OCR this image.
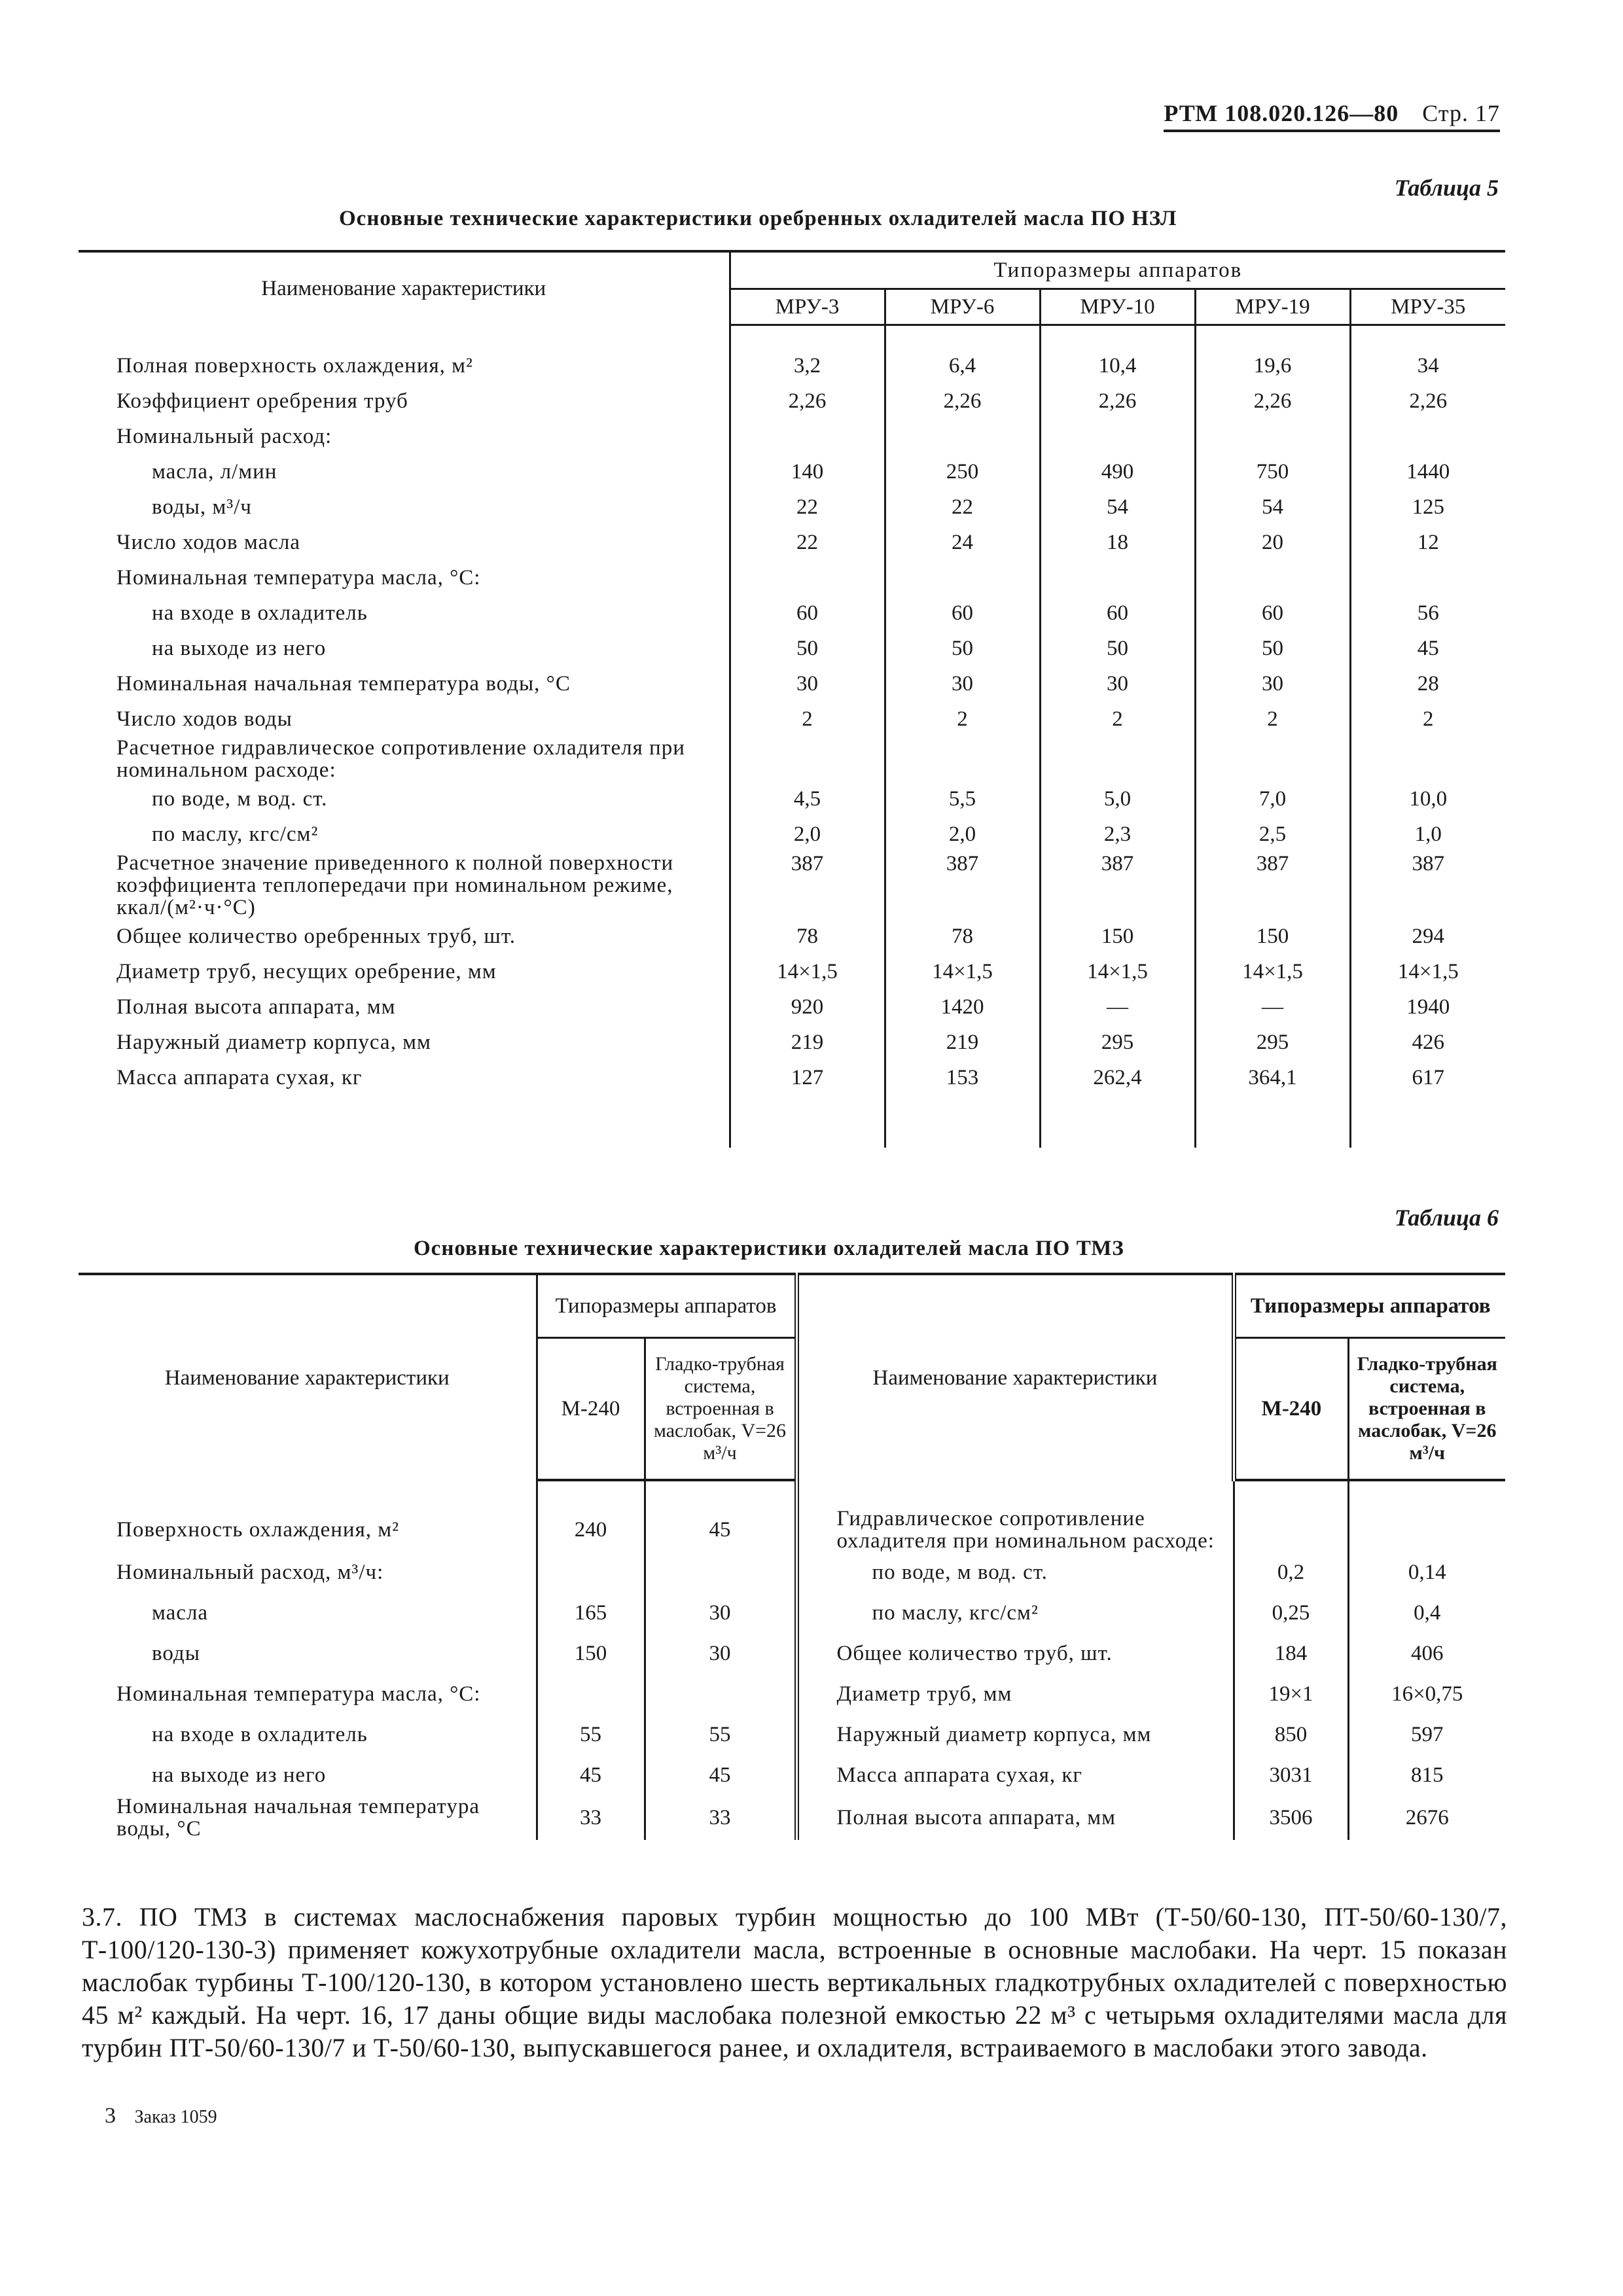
РТМ 108.020.126—80 Стр. 17
Таблица 5
Основные технические характеристики оребренных охладителей масла ПО НЗЛ
Наименование характеристики	Типоразмеры аппаратов				
	МРУ-3	МРУ-6	МРУ-10	МРУ-19	МРУ-35

Полная поверхность охлаждения, м²	3,2	6,4	10,4	19,6	34
Коэффициент оребрения труб	2,26	2,26	2,26	2,26	2,26
Номинальный расход:					
масла, л/мин	140	250	490	750	1440
воды, м³/ч	22	22	54	54	125
Число ходов масла	22	24	18	20	12
Номинальная температура масла, °С:					
на входе в охладитель	60	60	60	60	56
на выходе из него	50	50	50	50	45
Номинальная начальная температура воды, °С	30	30	30	30	28
Число ходов воды	2	2	2	2	2
Расчетное гидравлическое сопротивление охладителя при номинальном расходе:					
по воде, м вод. ст.	4,5	5,5	5,0	7,0	10,0
по маслу, кгс/см²	2,0	2,0	2,3	2,5	1,0
Расчетное значение приведенного к полной поверхности коэффициента теплопередачи при номинальном режиме, ккал/(м²·ч·°С)	387	387	387	387	387
Общее количество оребренных труб, шт.	78	78	150	150	294
Диаметр труб, несущих оребрение, мм	14×1,5	14×1,5	14×1,5	14×1,5	14×1,5
Полная высота аппарата, мм	920	1420	—	—	1940
Наружный диаметр корпуса, мм	219	219	295	295	426
Масса аппарата сухая, кг	127	153	262,4	364,1	617

Таблица 6
Основные технические характеристики охладителей масла ПО ТМЗ
Наименование характеристики	Типоразмеры аппаратов		Наименование характеристики	Типоразмеры аппаратов	
	М-240	Гладко-трубная система, встроенная в маслобак, V=26 м³/ч		М-240	Гладко-трубная система, встроенная в маслобак, V=26 м³/ч

Поверхность охлаждения, м²	240	45	Гидравлическое сопротивление охладителя при номинальном расходе:		
Номинальный расход, м³/ч:			по воде, м вод. ст.	0,2	0,14
масла	165	30	по маслу, кгс/см²	0,25	0,4
воды	150	30	Общее количество труб, шт.	184	406
Номинальная температура масла, °С:			Диаметр труб, мм	19×1	16×0,75
на входе в охладитель	55	55	Наружный диаметр корпуса, мм	850	597
на выходе из него	45	45	Масса аппарата сухая, кг	3031	815
Номинальная начальная температура воды, °С	33	33	Полная высота аппарата, мм	3506	2676
3.7. ПО ТМЗ в системах маслоснабжения паровых турбин мощностью до 100 МВт (Т-50/60-130, ПТ-50/60-130/7, Т-100/120-130-3) применяет кожухотрубные охладители масла, встроенные в основные маслобаки. На черт. 15 показан маслобак турбины Т-100/120-130, в котором установлено шесть вертикальных гладкотрубных охладителей с поверхностью 45 м² каждый. На черт. 16, 17 даны общие виды маслобака полезной емкостью 22 м³ с четырьмя охладителями масла для турбин ПТ-50/60-130/7 и Т-50/60-130, выпускавшегося ранее, и охладителя, встраиваемого в маслобаки этого завода.
3 Заказ 1059
